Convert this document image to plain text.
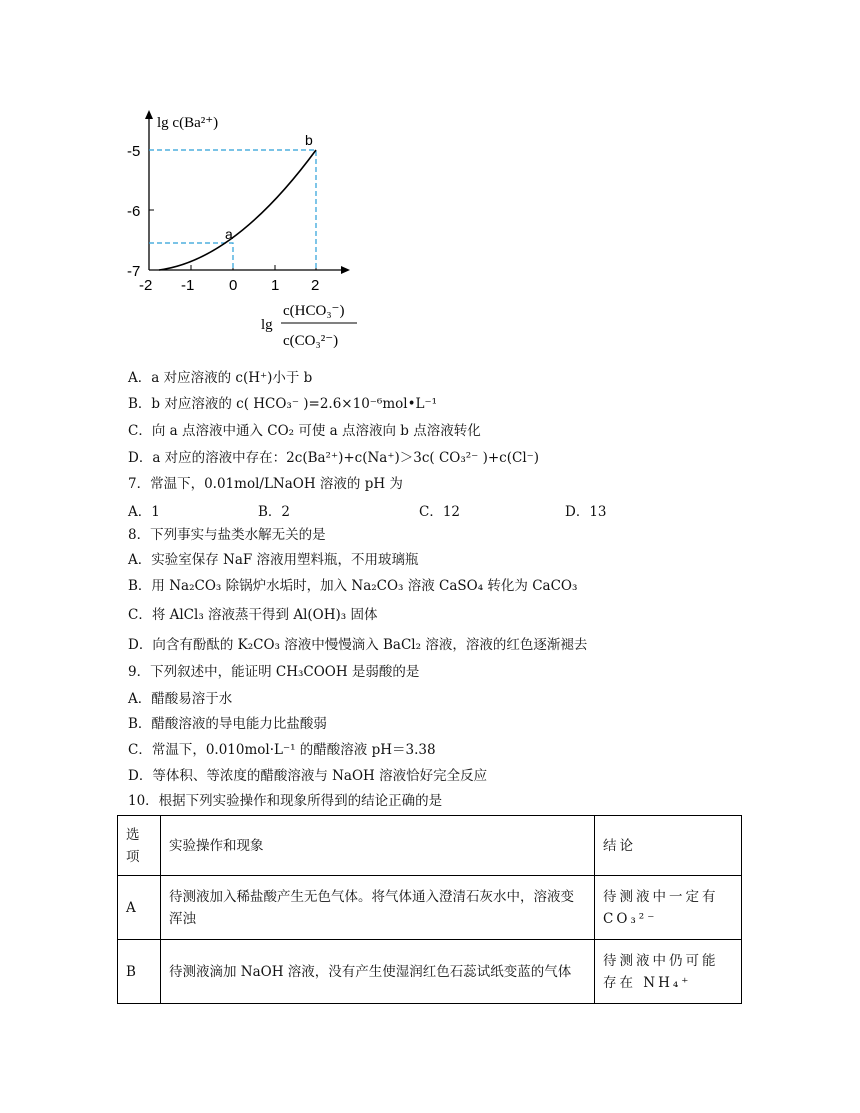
lg c(Ba²⁺)
-5
-6
-7
-2 -1 0 1 2
a
b
lg
c(HCO₃⁻)
c(CO₃²⁻)
A．a 对应溶液的 c(H⁺)小于 b
B．b 对应溶液的 c( HCO₃⁻ )=2.6×10⁻⁶mol•L⁻¹
C．向 a 点溶液中通入 CO₂ 可使 a 点溶液向 b 点溶液转化
D．a 对应的溶液中存在：2c(Ba²⁺)+c(Na⁺)＞3c( CO₃²⁻ )+c(Cl⁻)
7．常温下，0.01mol/LNaOH 溶液的 pH 为
A．1	B．2	C．12	D．13
8．下列事实与盐类水解无关的是
A．实验室保存 NaF 溶液用塑料瓶，不用玻璃瓶
B．用 Na₂CO₃ 除锅炉水垢时，加入 Na₂CO₃ 溶液 CaSO₄ 转化为 CaCO₃
C．将 AlCl₃ 溶液蒸干得到 Al(OH)₃ 固体
D．向含有酚酞的 K₂CO₃ 溶液中慢慢滴入 BaCl₂ 溶液，溶液的红色逐渐褪去
9．下列叙述中，能证明 CH₃COOH 是弱酸的是
A．醋酸易溶于水
B．醋酸溶液的导电能力比盐酸弱
C．常温下，0.010mol·L⁻¹ 的醋酸溶液 pH＝3.38
D．等体积、等浓度的醋酸溶液与 NaOH 溶液恰好完全反应
10．根据下列实验操作和现象所得到的结论正确的是
选项	实验操作和现象	结论
A	待测液加入稀盐酸产生无色气体。将气体通入澄清石灰水中，溶液变浑浊	待测液中一定有 CO₃²⁻
B	待测液滴加 NaOH 溶液，没有产生使湿润红色石蕊试纸变蓝的气体	待测液中仍可能存在 NH₄⁺
